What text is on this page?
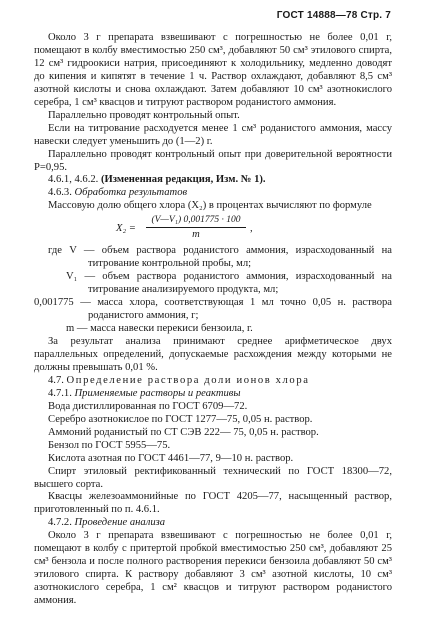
ГОСТ 14888—78 Стр. 7

Около 3 г препарата взвешивают с погрешностью не более 0,01 г, помещают в колбу вместимостью 250 см³, добавляют 50 см³ этилового спирта, 12 см³ гидроокиси натрия, присоединяют к холодильнику, медленно доводят до кипения и кипятят в течение 1 ч. Раствор охлаждают, добавляют 8,5 см³ азотной кислоты и снова охлаждают. Затем добавляют 10 см³ азотнокислого серебра, 1 см³ квасцов и титруют раствором роданистого аммония.

Параллельно проводят контрольный опыт.

Если на титрование расходуется менее 1 см³ роданистого аммония, массу навески следует уменьшить до (1—2) г.

Параллельно проводят контрольный опыт при доверительной вероятности P=0,95.

4.6.1, 4.6.2. (Измененная редакция, Изм. № 1).

4.6.3. Обработка результатов

Массовую долю общего хлора (X₂) в процентах вычисляют по формуле

X₂ =
(V—V₁) 0,001775 · 100
m
,

где V — объем раствора роданистого аммония, израсходованный на титрование контрольной пробы, мл;

V₁ — объем раствора роданистого аммония, израсходованный на титрование анализируемого продукта, мл;

0,001775 — масса хлора, соответствующая 1 мл точно 0,05 н. раствора роданистого аммония, г;

m — масса навески перекиси бензоила, г.

За результат анализа принимают среднее арифметическое двух параллельных определений, допускаемые расхождения между которыми не должны превышать 0,01 %.

4.7. Определение раствора доли ионов хлора

4.7.1. Применяемые растворы и реактивы

Вода дистиллированная по ГОСТ 6709—72.

Серебро азотнокислое по ГОСТ 1277—75, 0,05 н. раствор.

Аммоний роданистый по СТ СЭВ 222— 75, 0,05 н. раствор.

Бензол по ГОСТ 5955—75.

Кислота азотная по ГОСТ 4461—77, 9—10 н. раствор.

Спирт этиловый ректификованный технический по ГОСТ 18300—72, высшего сорта.

Квасцы железоаммонийные по ГОСТ 4205—77, насыщенный раствор, приготовленный по п. 4.6.1.

4.7.2. Проведение анализа

Около 3 г препарата взвешивают с погрешностью не более 0,01 г, помещают в колбу с притертой пробкой вместимостью 250 см³, добавляют 25 см³ бензола и после полного растворения перекиси бензоила добавляют 50 см³ этилового спирта. К раствору добавляют 3 см³ азотной кислоты, 10 см³ азотнокислого серебра, 1 см² квасцов и титруют раствором роданистого аммония.
